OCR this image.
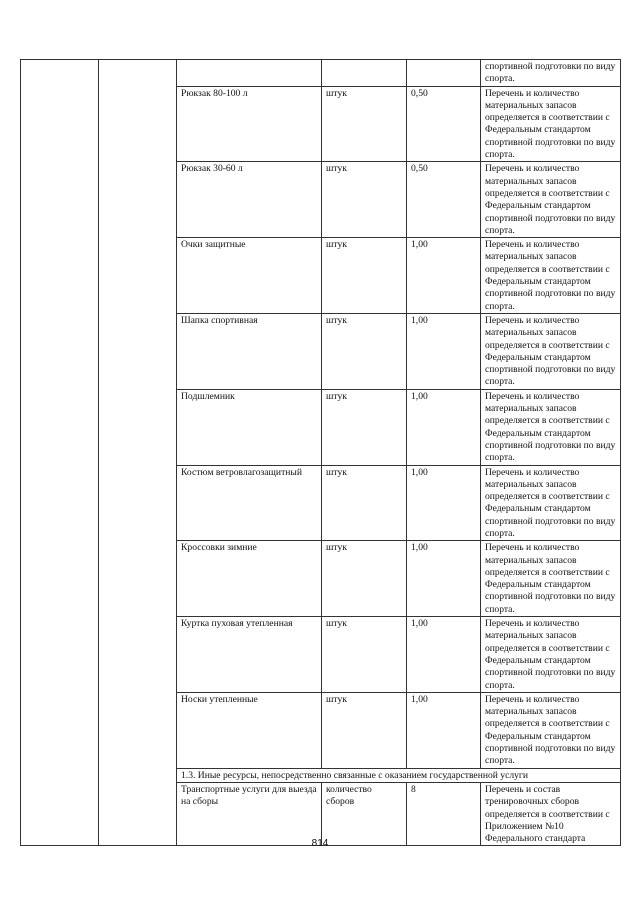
					спортивной подготовки по виду спорта.
		Рюкзак 80-100 л	штук	0,50	Перечень и количество материальных запасов определяется в соответствии с Федеральным стандартом спортивной подготовки по виду спорта.
		Рюкзак 30-60 л	штук	0,50	Перечень и количество материальных запасов определяется в соответствии с Федеральным стандартом спортивной подготовки по виду спорта.
		Очки защитные	штук	1,00	Перечень и количество материальных запасов определяется в соответствии с Федеральным стандартом спортивной подготовки по виду спорта.
		Шапка спортивная	штук	1,00	Перечень и количество материальных запасов определяется в соответствии с Федеральным стандартом спортивной подготовки по виду спорта.
		Подшлемник	штук	1,00	Перечень и количество материальных запасов определяется в соответствии с Федеральным стандартом спортивной подготовки по виду спорта.
		Костюм ветровлагозащитный	штук	1,00	Перечень и количество материальных запасов определяется в соответствии с Федеральным стандартом спортивной подготовки по виду спорта.
		Кроссовки зимние	штук	1,00	Перечень и количество материальных запасов определяется в соответствии с Федеральным стандартом спортивной подготовки по виду спорта.
		Куртка пуховая утепленная	штук	1,00	Перечень и количество материальных запасов определяется в соответствии с Федеральным стандартом спортивной подготовки по виду спорта.
		Носки утепленные	штук	1,00	Перечень и количество материальных запасов определяется в соответствии с Федеральным стандартом спортивной подготовки по виду спорта.
		1.3. Иные ресурсы, непосредственно связанные с оказанием государственной услуги			
		Транспортные услуги для выезда на сборы	количество сборов	8	Перечень и состав тренировочных сборов определяется в соответствии с Приложением №10 Федерального стандарта
814
